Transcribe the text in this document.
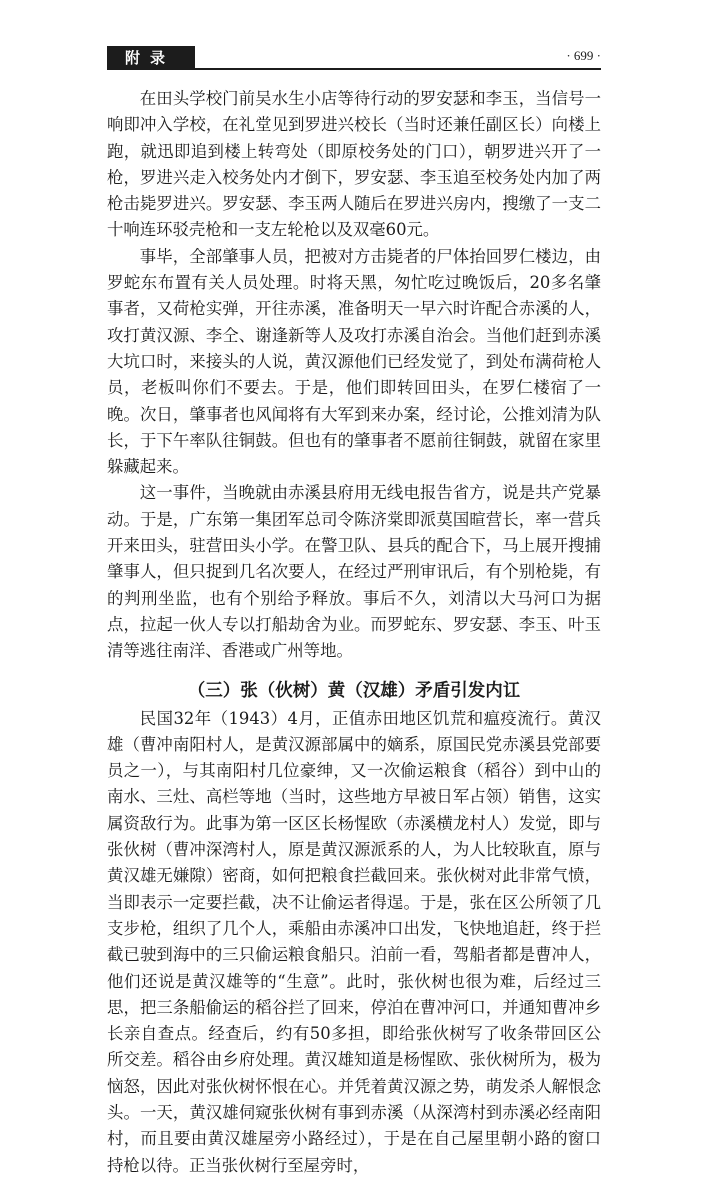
附录	· 699 ·

在田头学校门前吴水生小店等待行动的罗安瑟和李玉，当信号一响即冲入学校，在礼堂见到罗进兴校长（当时还兼任副区长）向楼上跑，就迅即追到楼上转弯处（即原校务处的门口），朝罗进兴开了一枪，罗进兴走入校务处内才倒下，罗安瑟、李玉追至校务处内加了两枪击毙罗进兴。罗安瑟、李玉两人随后在罗进兴房内，搜缴了一支二十响连环驳壳枪和一支左轮枪以及双毫60元。

事毕，全部肇事人员，把被对方击毙者的尸体抬回罗仁楼边，由罗蛇东布置有关人员处理。时将天黑，匆忙吃过晚饭后，20多名肇事者，又荷枪实弹，开往赤溪，准备明天一早六时许配合赤溪的人，攻打黄汉源、李仝、谢逢新等人及攻打赤溪自治会。当他们赶到赤溪大坑口时，来接头的人说，黄汉源他们已经发觉了，到处布满荷枪人员，老板叫你们不要去。于是，他们即转回田头，在罗仁楼宿了一晚。次日，肇事者也风闻将有大军到来办案，经讨论，公推刘清为队长，于下午率队往铜鼓。但也有的肇事者不愿前往铜鼓，就留在家里躲藏起来。

这一事件，当晚就由赤溪县府用无线电报告省方，说是共产党暴动。于是，广东第一集团军总司令陈济棠即派莫国暄营长，率一营兵开来田头，驻营田头小学。在警卫队、县兵的配合下，马上展开搜捕肇事人，但只捉到几名次要人，在经过严刑审讯后，有个别枪毙，有的判刑坐监，也有个别给予释放。事后不久，刘清以大马河口为据点，拉起一伙人专以打船劫舍为业。而罗蛇东、罗安瑟、李玉、叶玉清等逃往南洋、香港或广州等地。

（三）张（伙树）黄（汉雄）矛盾引发内讧

民国32年（1943）4月，正值赤田地区饥荒和瘟疫流行。黄汉雄（曹冲南阳村人，是黄汉源部属中的嫡系，原国民党赤溪县党部要员之一），与其南阳村几位豪绅，又一次偷运粮食（稻谷）到中山的南水、三灶、高栏等地（当时，这些地方早被日军占领）销售，这实属资敌行为。此事为第一区区长杨惺欧（赤溪横龙村人）发觉，即与张伙树（曹冲深湾村人，原是黄汉源派系的人，为人比较耿直，原与黄汉雄无嫌隙）密商，如何把粮食拦截回来。张伙树对此非常气愤，当即表示一定要拦截，决不让偷运者得逞。于是，张在区公所领了几支步枪，组织了几个人，乘船由赤溪冲口出发，飞快地追赶，终于拦截已驶到海中的三只偷运粮食船只。泊前一看，驾船者都是曹冲人，他们还说是黄汉雄等的“生意”。此时，张伙树也很为难，后经过三思，把三条船偷运的稻谷拦了回来，停泊在曹冲河口，并通知曹冲乡长亲自查点。经查后，约有50多担，即给张伙树写了收条带回区公所交差。稻谷由乡府处理。黄汉雄知道是杨惺欧、张伙树所为，极为恼怒，因此对张伙树怀恨在心。并凭着黄汉源之势，萌发杀人解恨念头。一天，黄汉雄伺窥张伙树有事到赤溪（从深湾村到赤溪必经南阳村，而且要由黄汉雄屋旁小路经过），于是在自己屋里朝小路的窗口持枪以待。正当张伙树行至屋旁时，
